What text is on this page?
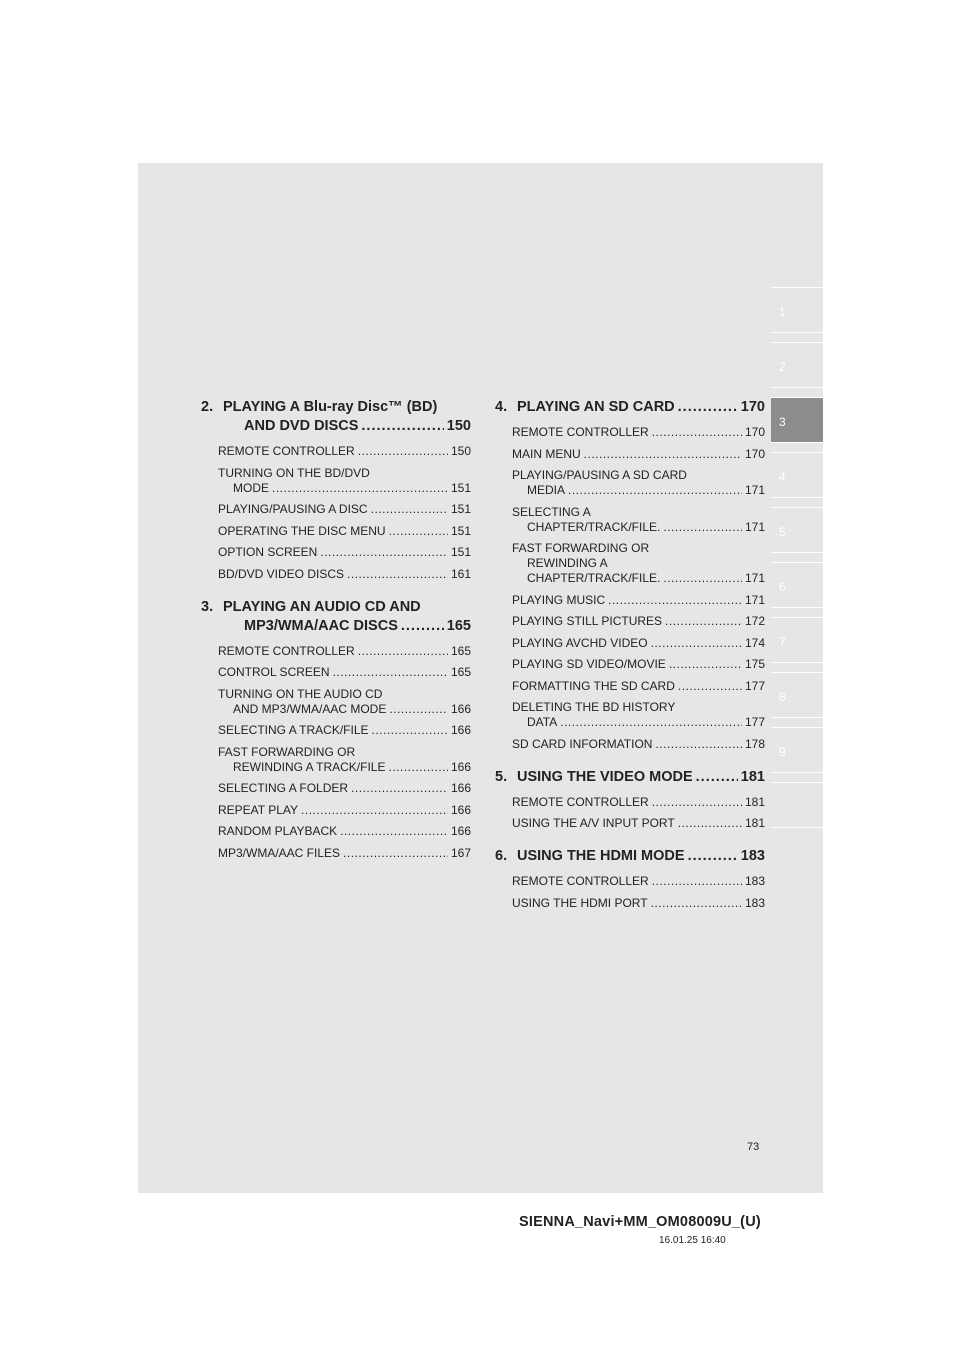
1
2
3
4
5
6
7
8
9
2. PLAYING A Blu-ray Disc™ (BD)
AND DVD DISCS .....	150
REMOTE CONTROLLER .....	150
TURNING ON THE BD/DVD
MODE .....	151
PLAYING/PAUSING A DISC .....	151
OPERATING THE DISC MENU .....	151
OPTION SCREEN .....	151
BD/DVD VIDEO DISCS .....	161
3. PLAYING AN AUDIO CD AND
MP3/WMA/AAC DISCS .....	165
REMOTE CONTROLLER .....	165
CONTROL SCREEN .....	165
TURNING ON THE AUDIO CD
AND MP3/WMA/AAC MODE .....	166
SELECTING A TRACK/FILE .....	166
FAST FORWARDING OR
REWINDING A TRACK/FILE .....	166
SELECTING A FOLDER .....	166
REPEAT PLAY .....	166
RANDOM PLAYBACK .....	166
MP3/WMA/AAC FILES .....	167
4. PLAYING AN SD CARD .....	170
REMOTE CONTROLLER .....	170
MAIN MENU .....	170
PLAYING/PAUSING A SD CARD
MEDIA .....	171
SELECTING A
CHAPTER/TRACK/FILE. .....	171
FAST FORWARDING OR
REWINDING A
CHAPTER/TRACK/FILE. .....	171
PLAYING MUSIC .....	171
PLAYING STILL PICTURES .....	172
PLAYING AVCHD VIDEO .....	174
PLAYING SD VIDEO/MOVIE .....	175
FORMATTING THE SD CARD .....	177
DELETING THE BD HISTORY
DATA .....	177
SD CARD INFORMATION .....	178
5. USING THE VIDEO MODE .....	181
REMOTE CONTROLLER .....	181
USING THE A/V INPUT PORT .....	181
6. USING THE HDMI MODE .....	183
REMOTE CONTROLLER .....	183
USING THE HDMI PORT .....	183
73
SIENNA_Navi+MM_OM08009U_(U)
16.01.25 16:40
